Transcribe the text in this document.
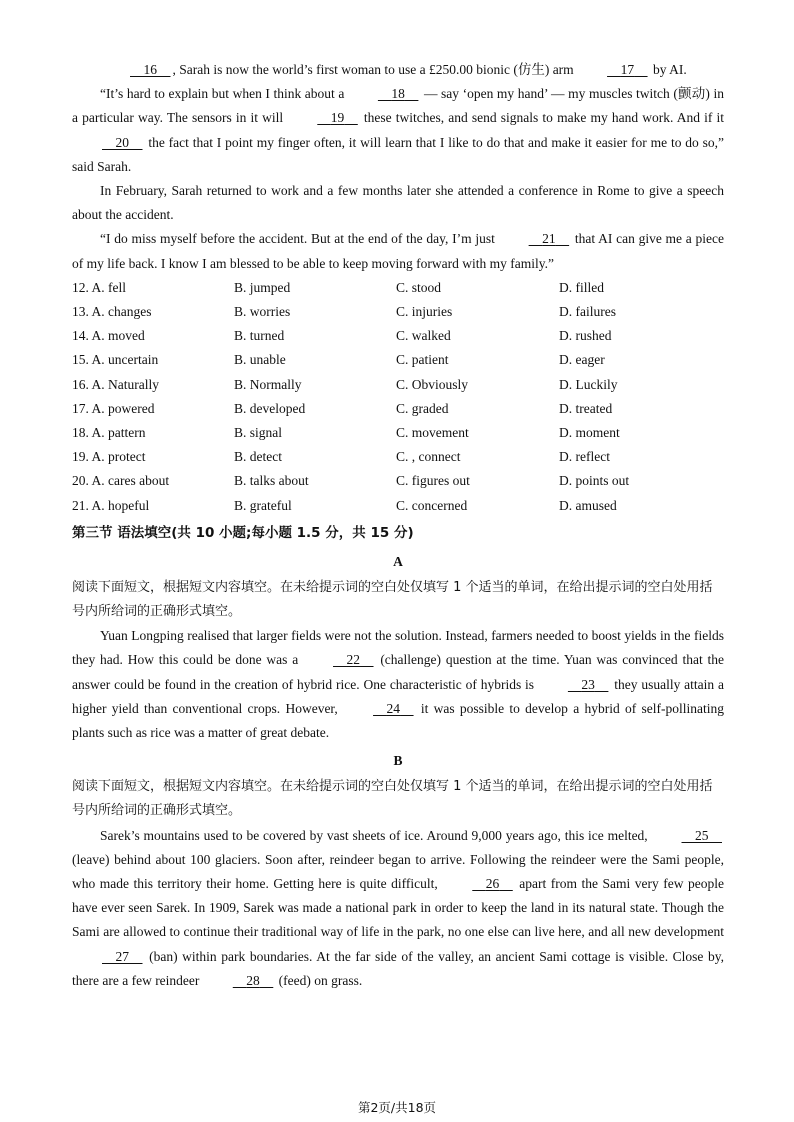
16 , Sarah is now the world’s first woman to use a £250.00 bionic (仿生) arm	17     by AI.

“It’s hard to explain but when I think about a	18     — say ‘open my hand’ — my muscles twitch (颤动) in a particular way. The sensors in it will	19     these twitches, and send signals to make my hand work. And if it     20     the fact that I point my finger often, it will learn that I like to do that and make it easier for me to do so,” said Sarah.

In February, Sarah returned to work and a few months later she attended a conference in Rome to give a speech about the accident.

“I do miss myself before the accident. But at the end of the day, I’m just	21     that AI can give me a piece of my life back. I know I am blessed to be able to keep moving forward with my family.”

12. A. fell	B. jumped	C. stood	D. filled
13. A. changes	B. worries	C. injuries	D. failures
14. A. moved	B. turned	C. walked	D. rushed
15. A. uncertain	B. unable	C. patient	D. eager
16. A. Naturally	B. Normally	C. Obviously	D. Luckily
17. A. powered	B. developed	C. graded	D. treated
18. A. pattern	B. signal	C. movement	D. moment
19. A. protect	B. detect	C. , connect	D. reflect
20. A. cares about	B. talks about	C. figures out	D. points out
21. A. hopeful	B. grateful	C. concerned	D. amused
第三节 语法填空(共 10 小题;每小题 1.5 分，共 15 分)
A

阅读下面短文，根据短文内容填空。在未给提示词的空白处仅填写 1 个适当的单词，在给出提示词的空白处用括号内所给词的正确形式填空。

Yuan Longping realised that larger fields were not the solution. Instead, farmers needed to boost yields in the fields they had. How this could be done was a	22     (challenge) question at the time. Yuan was convinced that the answer could be found in the creation of hybrid rice. One characteristic of hybrids is	23     they usually attain a higher yield than conventional crops. However,	24     it was possible to develop a hybrid of self-pollinating plants such as rice was a matter of great debate.

B

阅读下面短文，根据短文内容填空。在未给提示词的空白处仅填写 1 个适当的单词，在给出提示词的空白处用括号内所给词的正确形式填空。

Sarek’s mountains used to be covered by vast sheets of ice. Around 9,000 years ago, this ice melted,	25     (leave) behind about 100 glaciers. Soon after, reindeer began to arrive. Following the reindeer were the Sami people, who made this territory their home. Getting here is quite difficult,	26     apart from the Sami very few people have ever seen Sarek. In 1909, Sarek was made a national park in order to keep the land in its natural state. Though the Sami are allowed to continue their traditional way of life in the park, no one else can live here, and all new development     27     (ban) within park boundaries. At the far side of the valley, an ancient Sami cottage is visible. Close by, there are a few reindeer	28     (feed) on grass.

第2页/共18页
